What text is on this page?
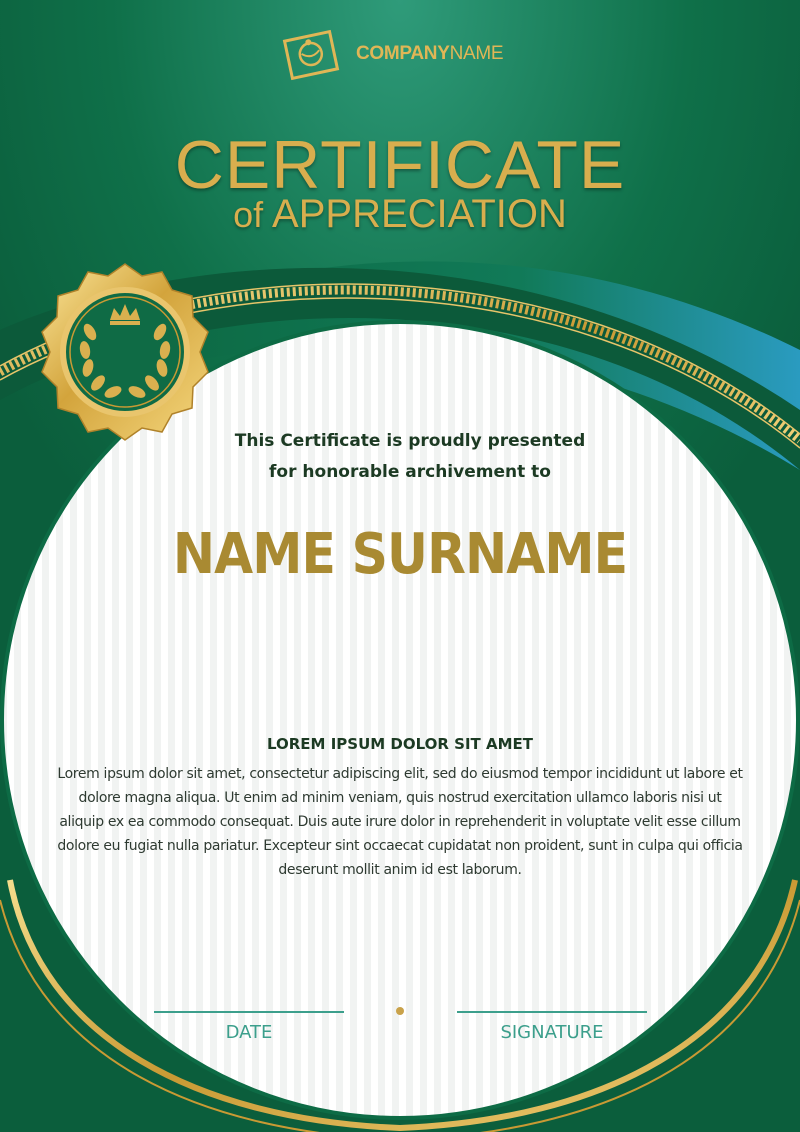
COMPANYNAME
CERTIFICATE
of APPRECIATION
This Certificate is proudly presented
for honorable archivement to
NAME SURNAME
LOREM IPSUM DOLOR SIT AMET
Lorem ipsum dolor sit amet, consectetur adipiscing elit, sed do eiusmod tempor incididunt ut labore et
dolore magna aliqua. Ut enim ad minim veniam, quis nostrud exercitation ullamco laboris nisi ut
aliquip ex ea commodo consequat. Duis aute irure dolor in reprehenderit in voluptate velit esse cillum
dolore eu fugiat nulla pariatur. Excepteur sint occaecat cupidatat non proident, sunt in culpa qui officia
deserunt mollit anim id est laborum.
DATE	SIGNATURE
